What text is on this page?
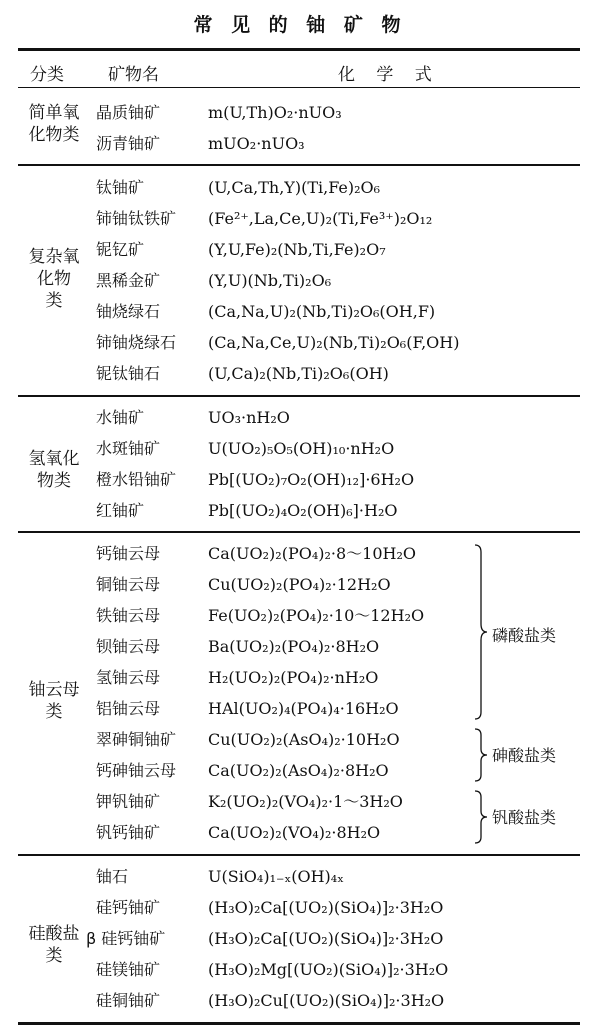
常 见 的 铀 矿 物
分类	矿物名	化 学 式
简单氧
化物类
晶质铀矿	m(U,Th)O₂·nUO₃
沥青铀矿	mUO₂·nUO₃
复杂氧
化物
类
钛铀矿	(U,Ca,Th,Y)(Ti,Fe)₂O₆
铈铀钛铁矿 (Fe²⁺,La,Ce,U)₂(Ti,Fe³⁺)₂O₁₂
铌钇矿	(Y,U,Fe)₂(Nb,Ti,Fe)₂O₇
黑稀金矿	(Y,U)(Nb,Ti)₂O₆
铀烧绿石	(Ca,Na,U)₂(Nb,Ti)₂O₆(OH,F)
铈铀烧绿石 (Ca,Na,Ce,U)₂(Nb,Ti)₂O₆(F,OH)
铌钛铀石	(U,Ca)₂(Nb,Ti)₂O₆(OH)
氢氧化
物类
水铀矿	UO₃·nH₂O
水斑铀矿	U(UO₂)₅O₅(OH)₁₀·nH₂O
橙水铅铀矿 Pb[(UO₂)₇O₂(OH)₁₂]·6H₂O
红铀矿	Pb[(UO₂)₄O₂(OH)₆]·H₂O
铀云母
类
钙铀云母	Ca(UO₂)₂(PO₄)₂·8～10H₂O
铜铀云母	Cu(UO₂)₂(PO₄)₂·12H₂O
铁铀云母	Fe(UO₂)₂(PO₄)₂·10～12H₂O
钡铀云母	Ba(UO₂)₂(PO₄)₂·8H₂O
氢铀云母	H₂(UO₂)₂(PO₄)₂·nH₂O
铝铀云母	HAl(UO₂)₄(PO₄)₄·16H₂O
翠砷铜铀矿 Cu(UO₂)₂(AsO₄)₂·10H₂O
钙砷铀云母 Ca(UO₂)₂(AsO₄)₂·8H₂O
钾钒铀矿	K₂(UO₂)₂(VO₄)₂·1～3H₂O
钒钙铀矿	Ca(UO₂)₂(VO₄)₂·8H₂O
磷酸盐类
砷酸盐类
钒酸盐类
硅酸盐
类
铀石	U(SiO₄)₁₋ₓ(OH)₄ₓ
硅钙铀矿	(H₃O)₂Ca[(UO₂)(SiO₄)]₂·3H₂O
β 硅钙铀矿	(H₃O)₂Ca[(UO₂)(SiO₄)]₂·3H₂O
硅镁铀矿	(H₃O)₂Mg[(UO₂)(SiO₄)]₂·3H₂O
硅铜铀矿	(H₃O)₂Cu[(UO₂)(SiO₄)]₂·3H₂O
